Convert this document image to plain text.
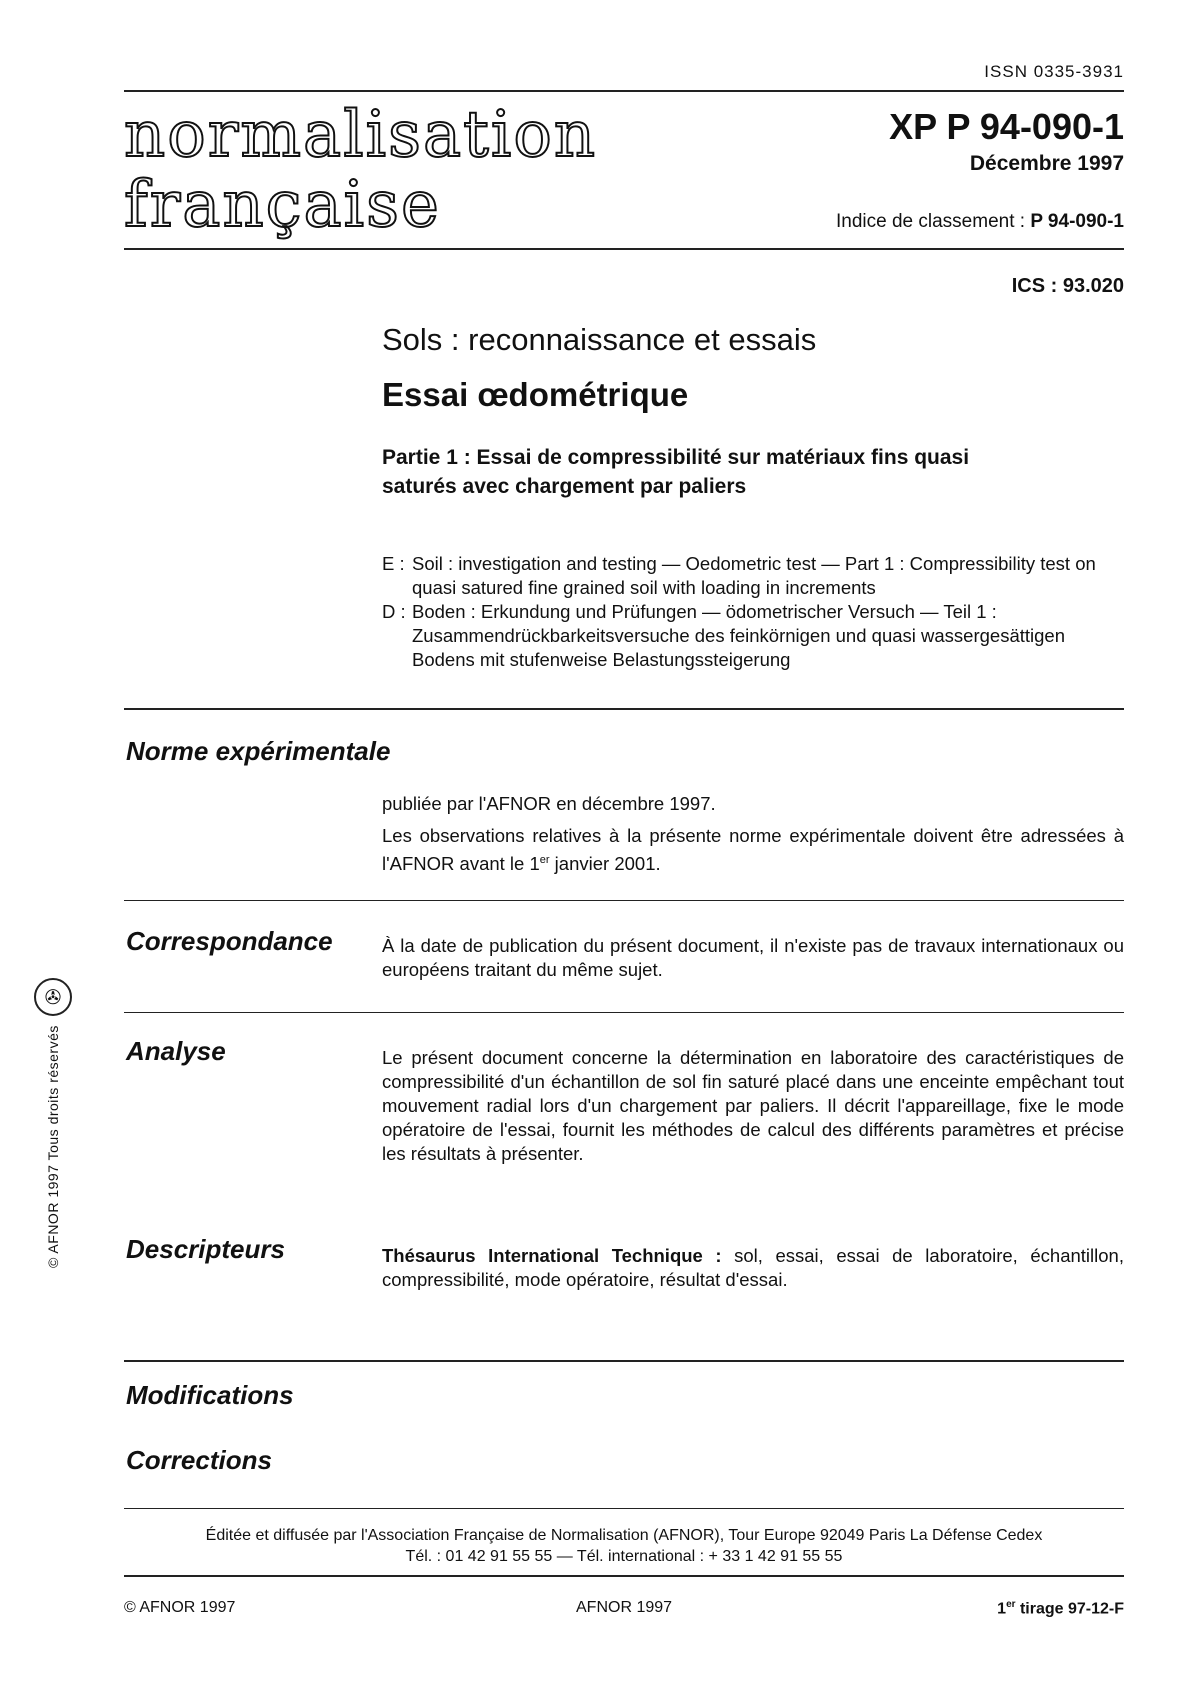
ISSN 0335-3931
normalisation
française
XP P 94-090-1
Décembre 1997
Indice de classement : P 94-090-1
ICS : 93.020
Sols : reconnaissance et essais
Essai œdométrique
Partie 1 : Essai de compressibilité sur matériaux fins quasi saturés avec chargement par paliers
E : Soil : investigation and testing — Oedometric test — Part 1 : Compressibility test on quasi satured fine grained soil with loading in increments
D : Boden : Erkundung und Prüfungen — ödometrischer Versuch — Teil 1 : Zusammendrückbarkeitsversuche des feinkörnigen und quasi wassergesättigen Bodens mit stufenweise Belastungssteigerung
© AFNOR 1997 Tous droits réservés
✇
Norme expérimentale
publiée par l'AFNOR en décembre 1997.
Les observations relatives à la présente norme expérimentale doivent être adressées à l'AFNOR avant le 1er janvier 2001.
Correspondance	À la date de publication du présent document, il n'existe pas de travaux internationaux ou européens traitant du même sujet.
Analyse	Le présent document concerne la détermination en laboratoire des caractéristiques de compressibilité d'un échantillon de sol fin saturé placé dans une enceinte empêchant tout mouvement radial lors d'un chargement par paliers. Il décrit l'appareillage, fixe le mode opératoire de l'essai, fournit les méthodes de calcul des différents paramètres et précise les résultats à présenter.
Descripteurs	Thésaurus International Technique : sol, essai, essai de laboratoire, échantillon, compressibilité, mode opératoire, résultat d'essai.
Modifications
Corrections
Éditée et diffusée par l'Association Française de Normalisation (AFNOR), Tour Europe 92049 Paris La Défense Cedex
Tél. : 01 42 91 55 55 — Tél. international : + 33 1 42 91 55 55
© AFNOR 1997	AFNOR 1997	1er tirage 97-12-F
